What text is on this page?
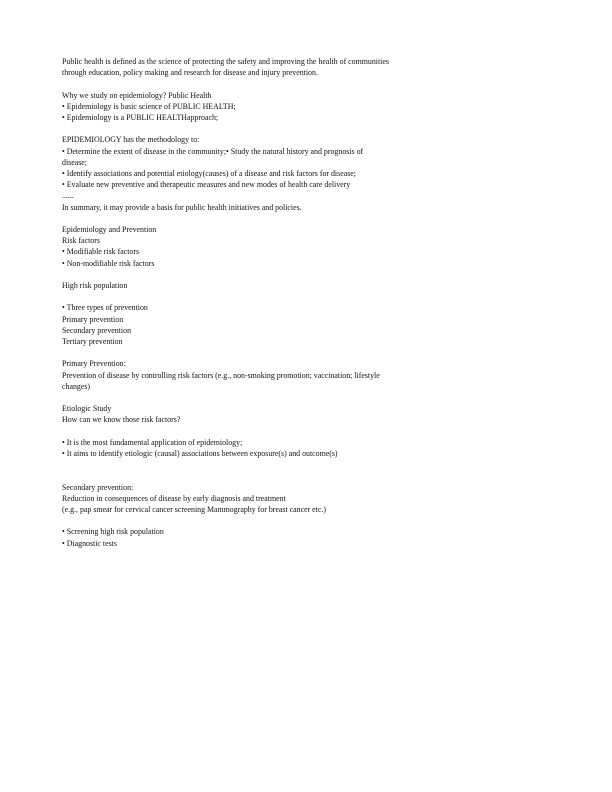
Public health is defined as the science of protecting the safety and improving the health of communities
through education, policy making and research for disease and injury prevention.
Why we study on epidemiology? Public Health
• Epidemiology is basic science of PUBLIC HEALTH;
• Epidemiology is a PUBLIC HEALTHapproach;
EPIDEMIOLOGY has the methodology to:
• Determine the extent of disease in the community;• Study the natural history and prognosis of
disease;
• Identify associations and potential etiology(causes) of a disease and risk factors for disease;
• Evaluate new preventive and therapeutic measures and new modes of health care delivery
......
In summary, it may provide a basis for public health initiatives and policies.
Epidemiology and Prevention
Risk factors
• Modifiable risk factors
• Non-modifiable risk factors
High risk population
• Three types of prevention
Primary prevention
Secondary prevention
Tertiary prevention
Primary Prevention:
Prevention of disease by controlling risk factors (e.g., non-smoking promotion; vaccination; lifestyle
changes)
Etiologic Study
How can we know those risk factors?
• It is the most fundamental application of epidemiology;
• It aims to identify etiologic (causal) associations between exposure(s) and outcome(s)
Secondary prevention:
Reduction in consequences of disease by early diagnosis and treatment
(e.g., pap smear for cervical cancer screening Mammography for breast cancer etc.)
• Screening high risk population
• Diagnostic tests
